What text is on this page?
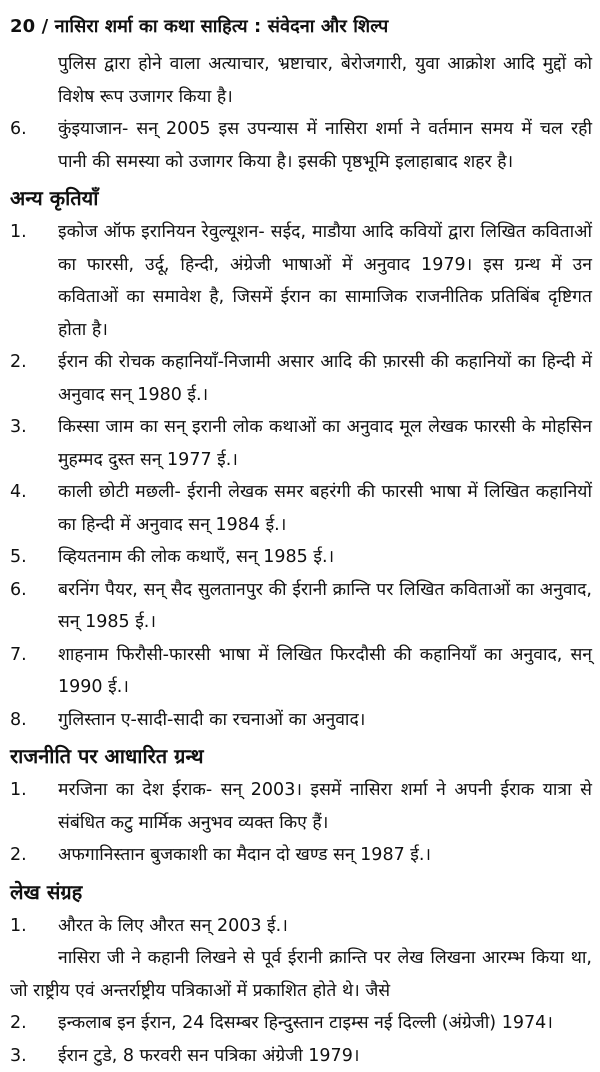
20 / नासिरा शर्मा का कथा साहित्य : संवेदना और शिल्प

पुलिस द्वारा होने वाला अत्याचार, भ्रष्टाचार, बेरोजगारी, युवा आक्रोश आदि मुद्दों को विशेष रूप उजागर किया है।

6.	कुंइयाजान- सन् 2005 इस उपन्यास में नासिरा शर्मा ने वर्तमान समय में चल रही पानी की समस्या को उजागर किया है। इसकी पृष्ठभूमि इलाहाबाद शहर है।
अन्य कृतियाँ
1.	इकोज ऑफ इरानियन रेवुल्यूशन- सईद, माडौया आदि कवियों द्वारा लिखित कविताओं का फारसी, उर्दू, हिन्दी, अंग्रेजी भाषाओं में अनुवाद 1979। इस ग्रन्थ में उन कविताओं का समावेश है, जिसमें ईरान का सामाजिक राजनीतिक प्रतिबिंब दृष्टिगत होता है।
2.	ईरान की रोचक कहानियाँ-निजामी असार आदि की फ़ारसी की कहानियों का हिन्दी में अनुवाद सन् 1980 ई.।
3.	किस्सा जाम का सन् इरानी लोक कथाओं का अनुवाद मूल लेखक फारसी के मोहसिन मुहम्मद दुस्त सन् 1977 ई.।
4.	काली छोटी मछली- ईरानी लेखक समर बहरंगी की फारसी भाषा में लिखित कहानियों का हिन्दी में अनुवाद सन् 1984 ई.।
5.	व्हियतनाम की लोक कथाएँ, सन् 1985 ई.।
6.	बरनिंग पैयर, सन् सैद सुलतानपुर की ईरानी क्रान्ति पर लिखित कविताओं का अनुवाद, सन् 1985 ई.।
7.	शाहनाम फिरौसी-फारसी भाषा में लिखित फिरदौसी की कहानियाँ का अनुवाद, सन् 1990 ई.।
8.	गुलिस्तान ए-सादी-सादी का रचनाओं का अनुवाद।
राजनीति पर आधारित ग्रन्थ
1.	मरजिना का देश ईराक- सन् 2003। इसमें नासिरा शर्मा ने अपनी ईराक यात्रा से संबंधित कटु मार्मिक अनुभव व्यक्त किए हैं।
2.	अफगानिस्तान बुजकाशी का मैदान दो खण्ड सन् 1987 ई.।
लेख संग्रह
1.	औरत के लिए औरत सन् 2003 ई.।

नासिरा जी ने कहानी लिखने से पूर्व ईरानी क्रान्ति पर लेख लिखना आरम्भ किया था, जो राष्ट्रीय एवं अन्तर्राष्ट्रीय पत्रिकाओं में प्रकाशित होते थे। जैसे

2.	इन्कलाब इन ईरान, 24 दिसम्बर हिन्दुस्तान टाइम्स नई दिल्ली (अंग्रेजी) 1974।
3.	ईरान टुडे, 8 फरवरी सन पत्रिका अंग्रेजी 1979।
